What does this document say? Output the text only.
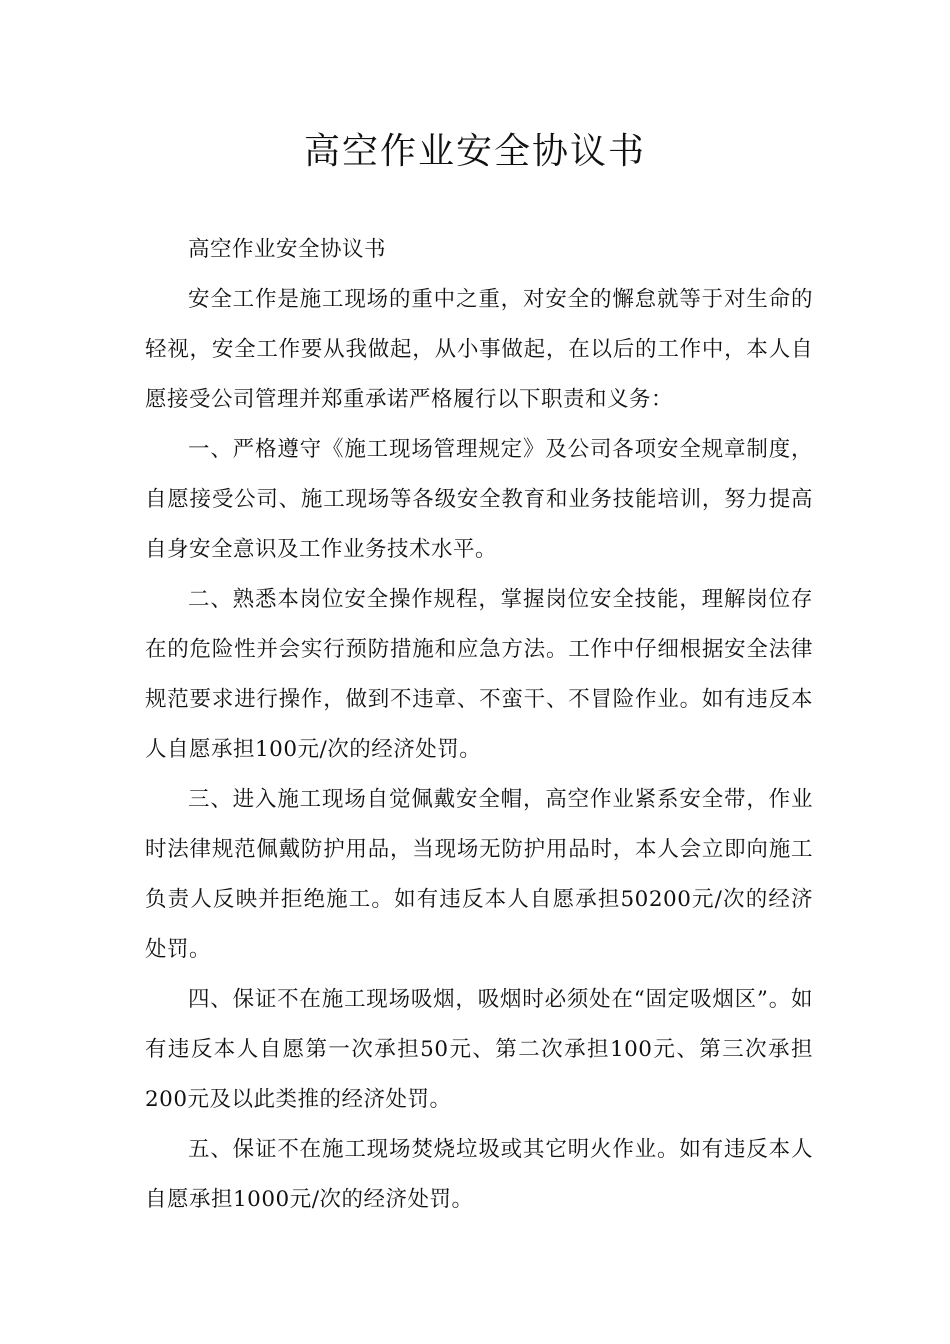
高空作业安全协议书

高空作业安全协议书

安全工作是施工现场的重中之重，对安全的懈怠就等于对生命的轻视，安全工作要从我做起，从小事做起，在以后的工作中，本人自愿接受公司管理并郑重承诺严格履行以下职责和义务：

一、严格遵守《施工现场管理规定》及公司各项安全规章制度，自愿接受公司、施工现场等各级安全教育和业务技能培训，努力提高自身安全意识及工作业务技术水平。

二、熟悉本岗位安全操作规程，掌握岗位安全技能，理解岗位存在的危险性并会实行预防措施和应急方法。工作中仔细根据安全法律规范要求进行操作，做到不违章、不蛮干、不冒险作业。如有违反本人自愿承担100元/次的经济处罚。

三、进入施工现场自觉佩戴安全帽，高空作业紧系安全带，作业时法律规范佩戴防护用品，当现场无防护用品时，本人会立即向施工负责人反映并拒绝施工。如有违反本人自愿承担50200元/次的经济处罚。

四、保证不在施工现场吸烟，吸烟时必须处在“固定吸烟区”。如有违反本人自愿第一次承担50元、第二次承担100元、第三次承担200元及以此类推的经济处罚。

五、保证不在施工现场焚烧垃圾或其它明火作业。如有违反本人自愿承担1000元/次的经济处罚。
